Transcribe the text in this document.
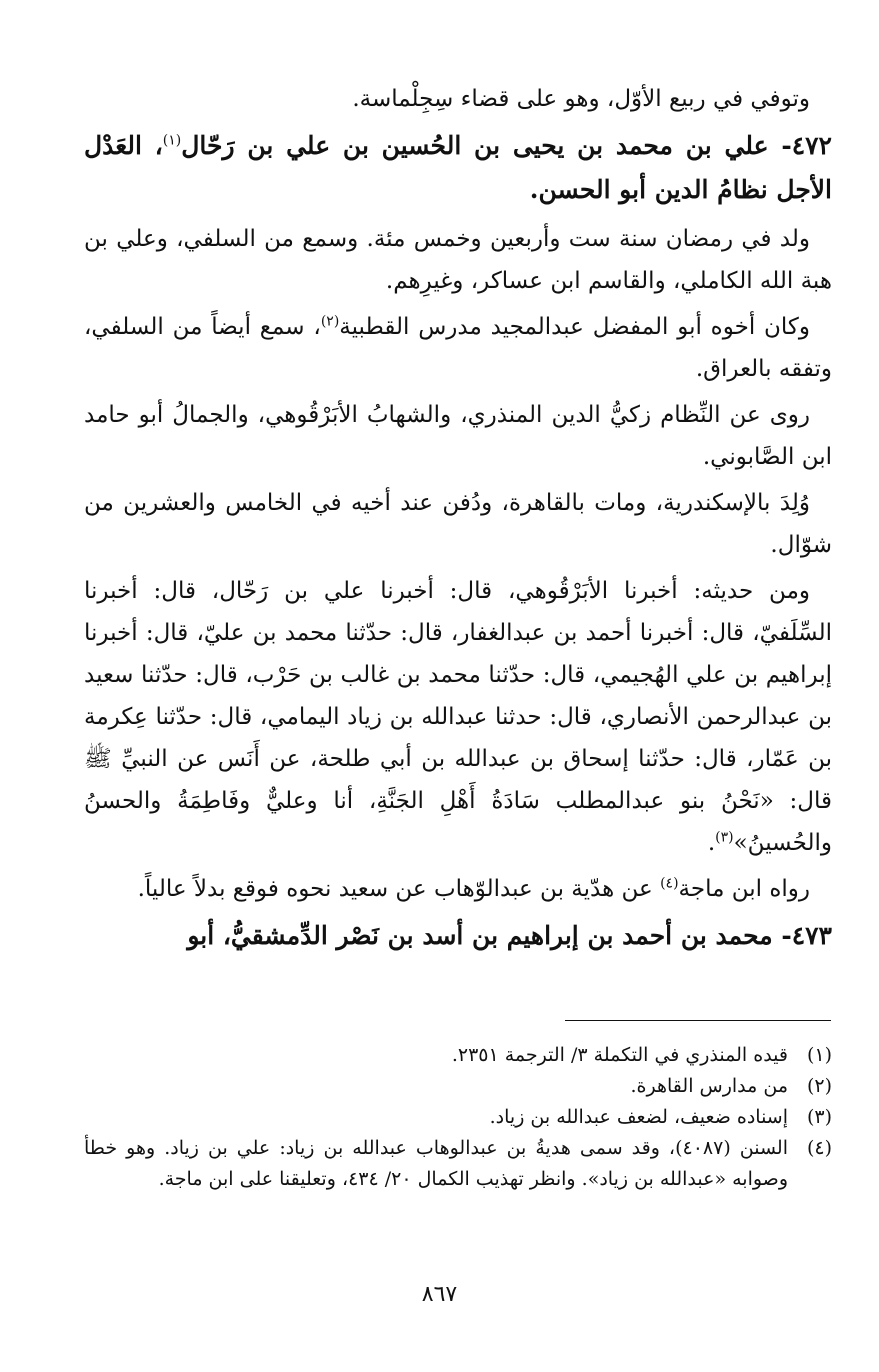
وتوفي في ربيع الأوّل، وهو على قضاء سِجِلْماسة.

٤٧٢- علي بن محمد بن يحيى بن الحُسين بن علي بن رَحّال$^{(١)}$، العَدْل الأجل نظامُ الدين أبو الحسن.

ولد في رمضان سنة ست وأربعين وخمس مئة. وسمع من السلفي، وعلي بن هبة الله الكاملي، والقاسم ابن عساكر، وغيرِهم.

وكان أخوه أبو المفضل عبدالمجيد مدرس القطبية$^{(٢)}$، سمع أيضاً من السلفي، وتفقه بالعراق.

روى عن النِّظام زكيُّ الدين المنذري، والشهابُ الأبَرْقُوهي، والجمالُ أبو حامد ابن الصَّابوني.

وُلِدَ بالإسكندرية، ومات بالقاهرة، ودُفن عند أخيه في الخامس والعشرين من شوّال.

ومن حديثه: أخبرنا الأبَرْقُوهي، قال: أخبرنا علي بن رَحّال، قال: أخبرنا السِّلَفيّ، قال: أخبرنا أحمد بن عبدالغفار، قال: حدّثنا محمد بن عليّ، قال: أخبرنا إبراهيم بن علي الهُجيمي، قال: حدّثنا محمد بن غالب بن حَرْب، قال: حدّثنا سعيد بن عبدالرحمن الأنصاري، قال: حدثنا عبدالله بن زياد اليمامي، قال: حدّثنا عِكرمة بن عَمّار، قال: حدّثنا إسحاق بن عبدالله بن أبي طلحة، عن أَنَس عن النبيِّ ﷺ قال: «نَحْنُ بنو عبدالمطلب سَادَةُ أَهْلِ الجَنَّةِ، أنا وعليٌّ وفَاطِمَةُ والحسنُ والحُسينُ»$^{(٣)}$.

رواه ابن ماجة$^{(٤)}$ عن هدّية بن عبدالوّهاب عن سعيد نحوه فوقع بدلاً عالياً.

٤٧٣- محمد بن أحمد بن إبراهيم بن أسد بن نَصْر الدِّمشقيُّ، أبو

(١)
قيده المنذري في التكملة ٣/ الترجمة ٢٣٥١.
(٢)
من مدارس القاهرة.
(٣)
إسناده ضعيف، لضعف عبدالله بن زياد.
(٤)
السنن (٤٠٨٧)، وقد سمى هديةُ بن عبدالوهاب عبدالله بن زياد: علي بن زياد. وهو خطأ وصوابه «عبدالله بن زياد». وانظر تهذيب الكمال ٢٠/ ٤٣٤، وتعليقنا على ابن ماجة.
٨٦٧
